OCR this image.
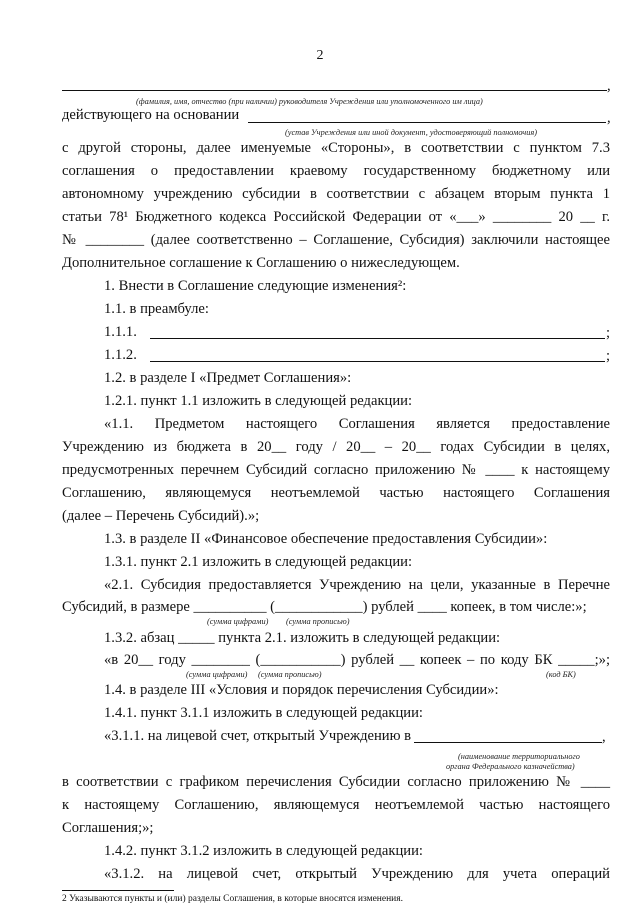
2
,
(фамилия, имя, отчество (при наличии) руководителя Учреждения или уполномоченного им лица)
действующего на основании	,
(устав Учреждения или иной документ, удостоверяющий полномочия)
с другой стороны, далее именуемые «Стороны», в соответствии с пунктом 7.3
соглашения о предоставлении краевому государственному бюджетному или
автономному учреждению субсидии в соответствии с абзацем вторым пункта 1
статьи 78¹ Бюджетного кодекса Российской Федерации от «___» ________ 20 __ г.
№ ________ (далее соответственно – Соглашение, Субсидия) заключили настоящее
Дополнительное соглашение к Соглашению о нижеследующем.
1. Внести в Соглашение следующие изменения²:
1.1. в преамбуле:
1.1.1.	;
1.1.2.	;
1.2. в разделе I «Предмет Соглашения»:
1.2.1. пункт 1.1 изложить в следующей редакции:
«1.1. Предметом настоящего Соглашения является предоставление
Учреждению из бюджета в 20__ году / 20__ – 20__ годах Субсидии в целях,
предусмотренных перечнем Субсидий согласно приложению № ____ к настоящему
Соглашению, являющемуся неотъемлемой частью настоящего Соглашения
(далее – Перечень Субсидий).»;
1.3. в разделе II «Финансовое обеспечение предоставления Субсидии»:
1.3.1. пункт 2.1 изложить в следующей редакции:
«2.1. Субсидия предоставляется Учреждению на цели, указанные в Перечне
Субсидий, в размере __________ (____________) рублей ____ копеек, в том числе:»;
(сумма цифрами) (сумма прописью)
1.3.2. абзац _____ пункта 2.1. изложить в следующей редакции:
«в 20__ году ________ (___________) рублей __ копеек – по коду БК _____;»;
(сумма цифрами) (сумма прописью)	(код БК)
1.4. в разделе III «Условия и порядок перечисления Субсидии»:
1.4.1. пункт 3.1.1 изложить в следующей редакции:
«3.1.1. на лицевой счет, открытый Учреждению в	,
(наименование территориального
органа Федерального казначейства)
в соответствии с графиком перечисления Субсидии согласно приложению № ____
к настоящему Соглашению, являющемуся неотъемлемой частью настоящего
Соглашения;»;
1.4.2. пункт 3.1.2 изложить в следующей редакции:
«3.1.2. на лицевой счет, открытый Учреждению для учета операций
2 Указываются пункты и (или) разделы Соглашения, в которые вносятся изменения.
